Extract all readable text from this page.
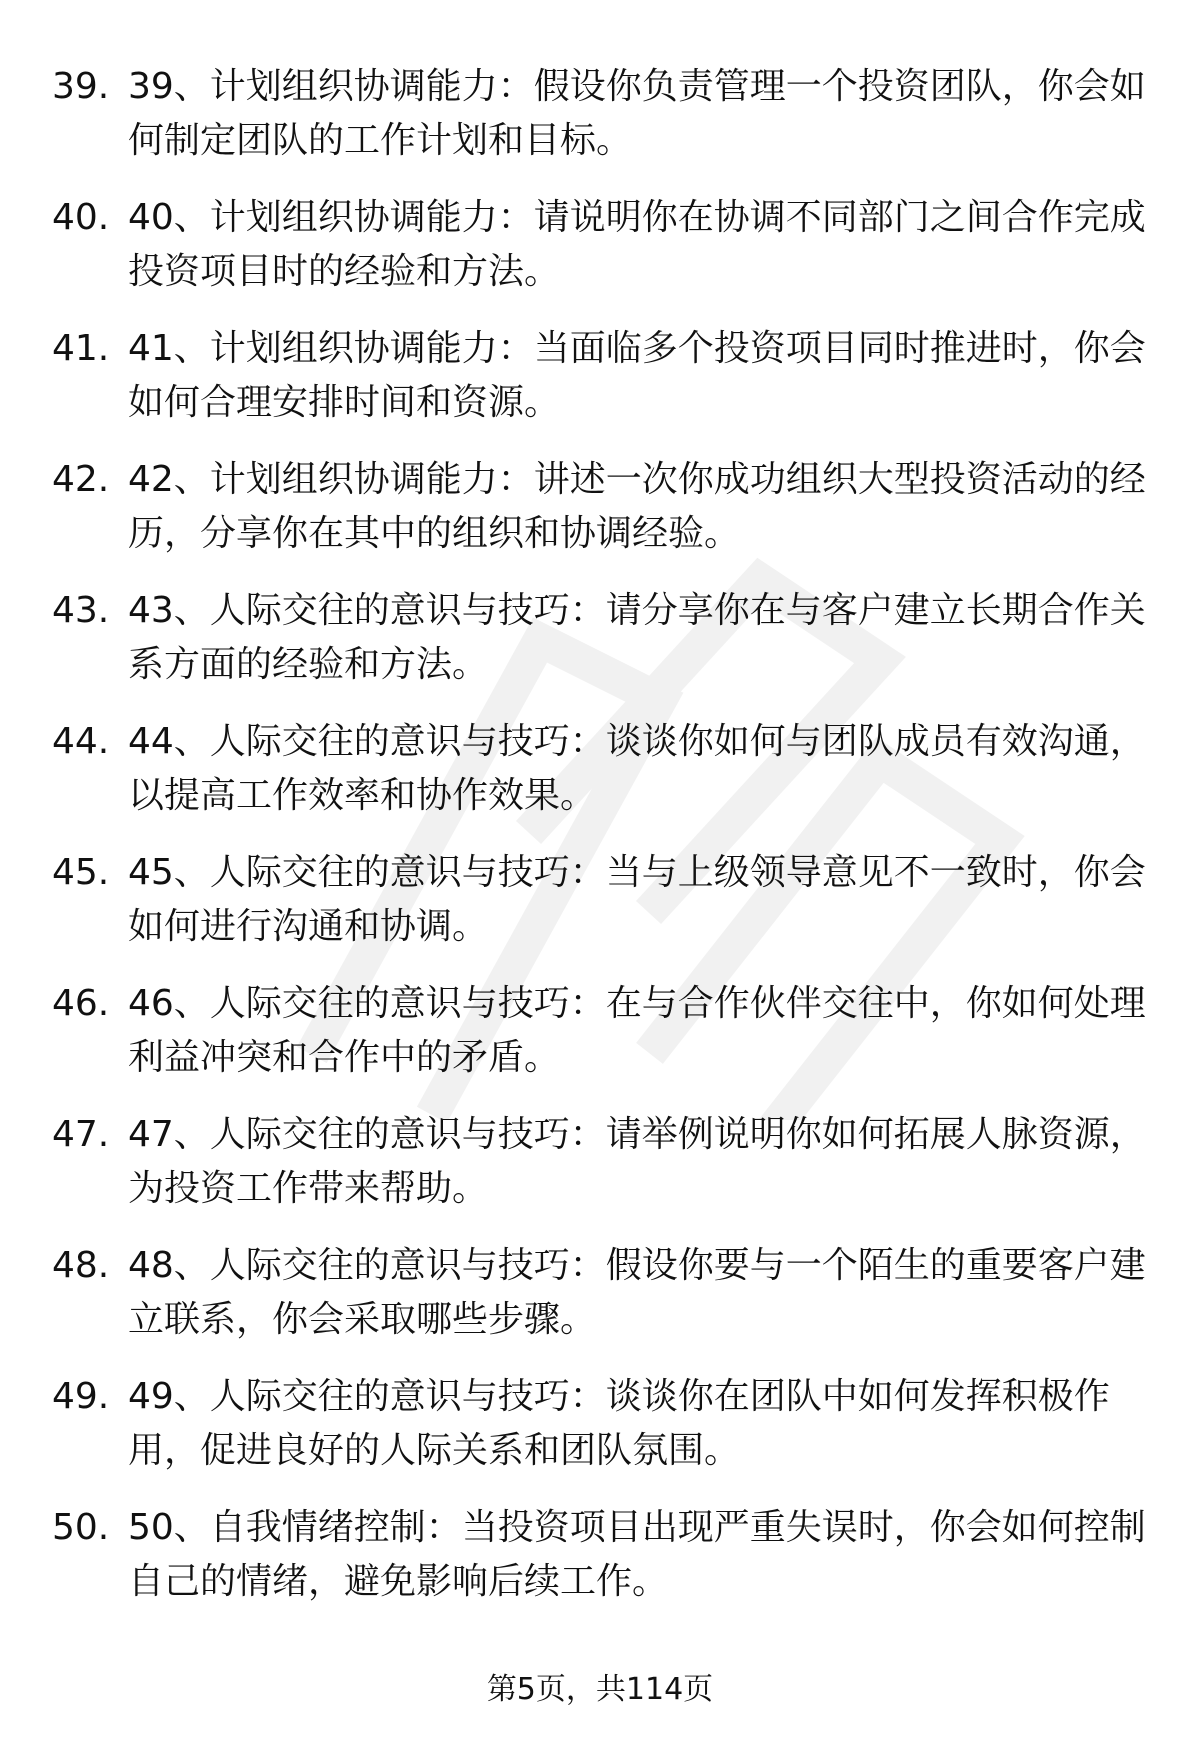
39. 39、计划组织协调能力：假设你负责管理一个投资团队，你会如何制定团队的工作计划和目标。
40. 40、计划组织协调能力：请说明你在协调不同部门之间合作完成投资项目时的经验和方法。
41. 41、计划组织协调能力：当面临多个投资项目同时推进时，你会如何合理安排时间和资源。
42. 42、计划组织协调能力：讲述一次你成功组织大型投资活动的经历，分享你在其中的组织和协调经验。
43. 43、人际交往的意识与技巧：请分享你在与客户建立长期合作关系方面的经验和方法。
44. 44、人际交往的意识与技巧：谈谈你如何与团队成员有效沟通，以提高工作效率和协作效果。
45. 45、人际交往的意识与技巧：当与上级领导意见不一致时，你会如何进行沟通和协调。
46. 46、人际交往的意识与技巧：在与合作伙伴交往中，你如何处理利益冲突和合作中的矛盾。
47. 47、人际交往的意识与技巧：请举例说明你如何拓展人脉资源，为投资工作带来帮助。
48. 48、人际交往的意识与技巧：假设你要与一个陌生的重要客户建立联系，你会采取哪些步骤。
49. 49、人际交往的意识与技巧：谈谈你在团队中如何发挥积极作用，促进良好的人际关系和团队氛围。
50. 50、自我情绪控制：当投资项目出现严重失误时，你会如何控制自己的情绪，避免影响后续工作。
第5页，共114页
